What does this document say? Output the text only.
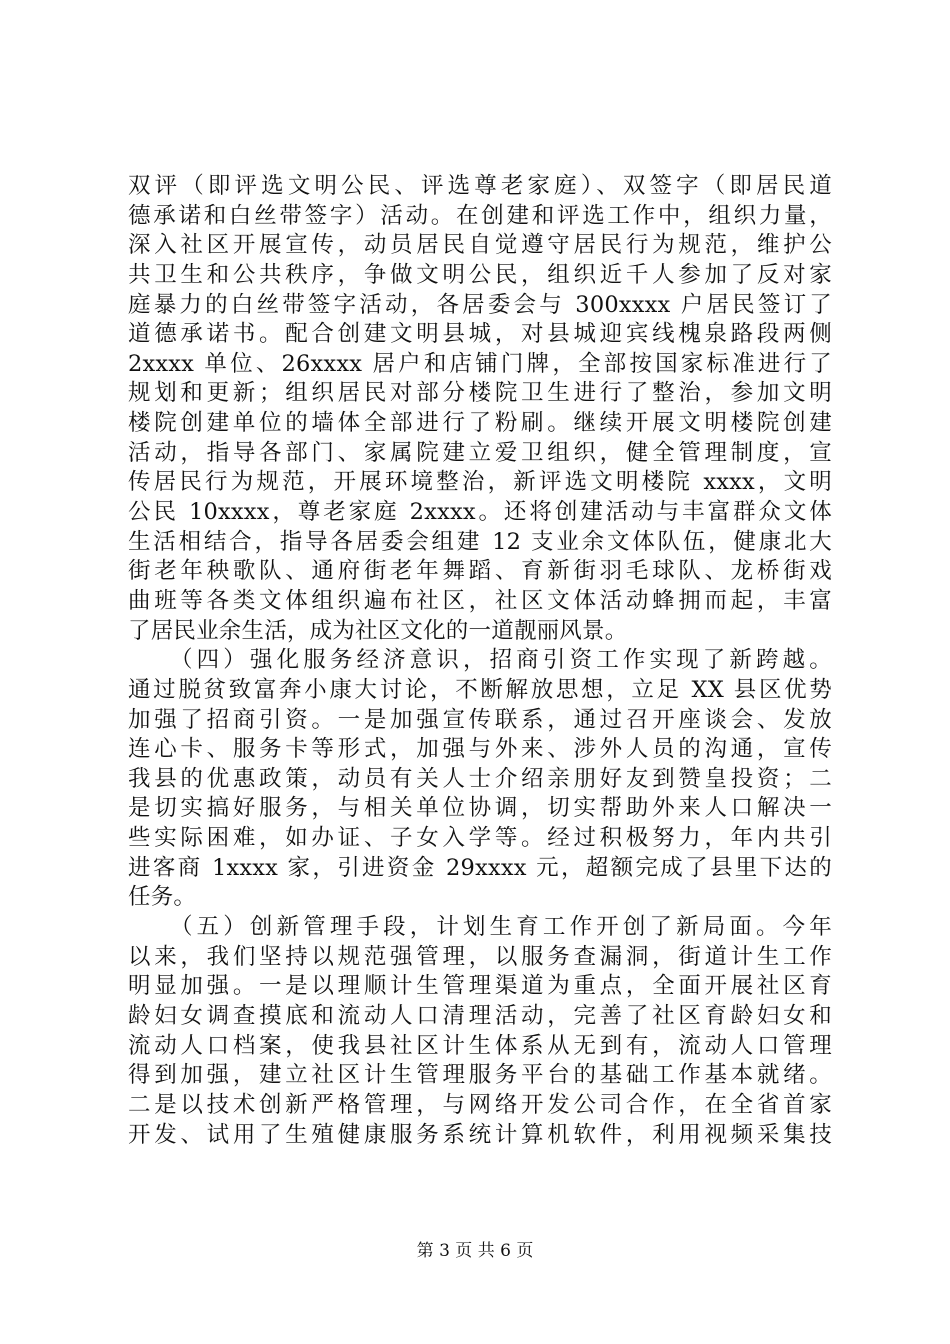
双评（即评选文明公民、评选尊老家庭）、双签字（即居民道
德承诺和白丝带签字）活动。在创建和评选工作中，组织力量，
深入社区开展宣传，动员居民自觉遵守居民行为规范，维护公
共卫生和公共秩序，争做文明公民，组织近千人参加了反对家
庭暴力的白丝带签字活动，各居委会与 300xxxx 户居民签订了
道德承诺书。配合创建文明县城，对县城迎宾线槐泉路段两侧
2xxxx 单位、26xxxx 居户和店铺门牌，全部按国家标准进行了
规划和更新；组织居民对部分楼院卫生进行了整治，参加文明
楼院创建单位的墙体全部进行了粉刷。继续开展文明楼院创建
活动，指导各部门、家属院建立爱卫组织，健全管理制度，宣
传居民行为规范，开展环境整治，新评选文明楼院 xxxx，文明
公民 10xxxx，尊老家庭 2xxxx。还将创建活动与丰富群众文体
生活相结合，指导各居委会组建 12 支业余文体队伍，健康北大
街老年秧歌队、通府街老年舞蹈、育新街羽毛球队、龙桥街戏
曲班等各类文体组织遍布社区，社区文体活动蜂拥而起，丰富
了居民业余生活，成为社区文化的一道靓丽风景。
　　（四）强化服务经济意识，招商引资工作实现了新跨越。
通过脱贫致富奔小康大讨论，不断解放思想，立足 XX 县区优势
加强了招商引资。一是加强宣传联系，通过召开座谈会、发放
连心卡、服务卡等形式，加强与外来、涉外人员的沟通，宣传
我县的优惠政策，动员有关人士介绍亲朋好友到赞皇投资；二
是切实搞好服务，与相关单位协调，切实帮助外来人口解决一
些实际困难，如办证、子女入学等。经过积极努力，年内共引
进客商 1xxxx 家，引进资金 29xxxx 元，超额完成了县里下达的
任务。
　　（五）创新管理手段，计划生育工作开创了新局面。今年
以来，我们坚持以规范强管理，以服务查漏洞，街道计生工作
明显加强。一是以理顺计生管理渠道为重点，全面开展社区育
龄妇女调查摸底和流动人口清理活动，完善了社区育龄妇女和
流动人口档案，使我县社区计生体系从无到有，流动人口管理
得到加强，建立社区计生管理服务平台的基础工作基本就绪。
二是以技术创新严格管理，与网络开发公司合作，在全省首家
开发、试用了生殖健康服务系统计算机软件，利用视频采集技
第 3 页 共 6 页
